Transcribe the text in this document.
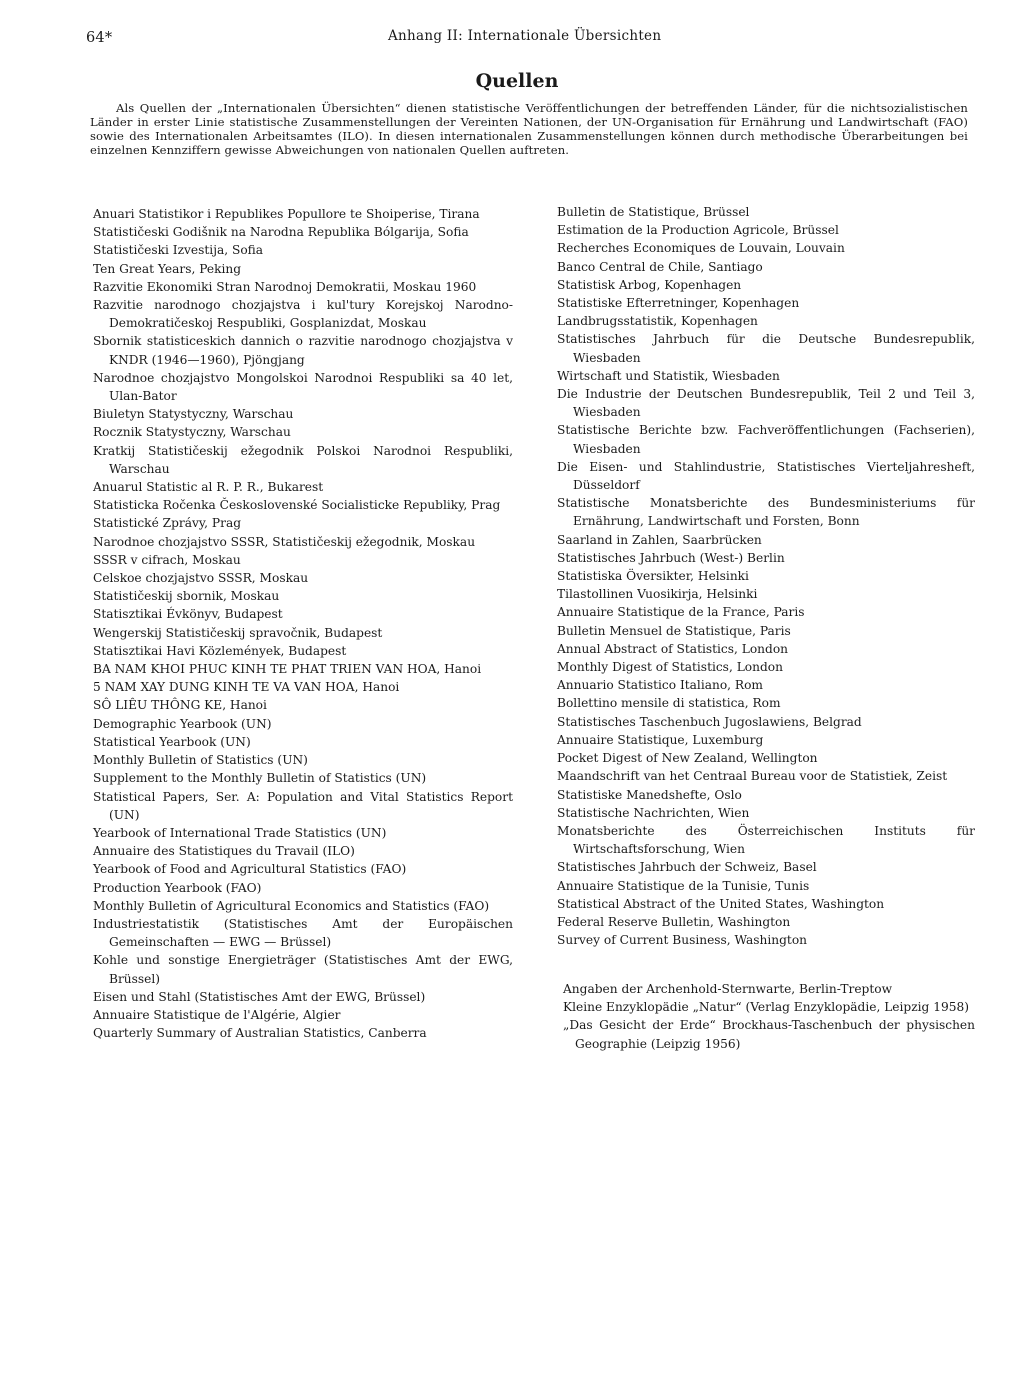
64*	Anhang II: Internationale Übersichten
Quellen

Als Quellen der „Internationalen Übersichten“ dienen statistische Veröffentlichungen der betreffenden Länder, für die nichtsozialistischen Länder in erster Linie statistische Zusammenstellungen der Vereinten Nationen, der UN-Organisation für Ernährung und Landwirtschaft (FAO) sowie des Internationalen Arbeitsamtes (ILO). In diesen internationalen Zusammenstellungen können durch methodische Überarbeitungen bei einzelnen Kennziffern gewisse Abweichungen von nationalen Quellen auftreten.

Anuari Statistikor i Republikes Popullore te Shoiperise, Tirana
Statističeski Godišnik na Narodna Republika Bólgarija, Sofia
Statističeski Izvestija, Sofia
Ten Great Years, Peking
Razvitie Ekonomiki Stran Narodnoj Demokratii, Moskau 1960
Razvitie narodnogo chozjajstva i kul'tury Korejskoj Narodno-Demokratičeskoj Respubliki, Gosplanizdat, Moskau
Sbornik statisticeskich dannich o razvitie narodnogo chozjajstva v KNDR (1946—1960), Pjöngjang
Narodnoe chozjajstvo Mongolskoi Narodnoi Respubliki sa 40 let, Ulan-Bator
Biuletyn Statystyczny, Warschau
Rocznik Statystyczny, Warschau
Kratkij Statističeskij ežegodnik Polskoi Narodnoi Respubliki, Warschau
Anuarul Statistic al R. P. R., Bukarest
Statisticka Ročenka Československé Socialisticke Republiky, Prag
Statistické Zprávy, Prag
Narodnoe chozjajstvo SSSR, Statističeskij ežegodnik, Moskau
SSSR v cifrach, Moskau
Celskoe chozjajstvo SSSR, Moskau
Statističeskij sbornik, Moskau
Statisztikai Évkönyv, Budapest
Wengerskij Statističeskij spravočnik, Budapest
Statisztikai Havi Közlemények, Budapest
BA NAM KHOI PHUC KINH TE PHAT TRIEN VAN HOA, Hanoi
5 NAM XAY DUNG KINH TE VA VAN HOA, Hanoi
SÔ LIÊU THÔNG KE, Hanoi
Demographic Yearbook (UN)
Statistical Yearbook (UN)
Monthly Bulletin of Statistics (UN)
Supplement to the Monthly Bulletin of Statistics (UN)
Statistical Papers, Ser. A: Population and Vital Statistics Report (UN)
Yearbook of International Trade Statistics (UN)
Annuaire des Statistiques du Travail (ILO)
Yearbook of Food and Agricultural Statistics (FAO)
Production Yearbook (FAO)
Monthly Bulletin of Agricultural Economics and Statistics (FAO)
Industriestatistik (Statistisches Amt der Europäischen Gemeinschaften — EWG — Brüssel)
Kohle und sonstige Energieträger (Statistisches Amt der EWG, Brüssel)
Eisen und Stahl (Statistisches Amt der EWG, Brüssel)
Annuaire Statistique de l'Algérie, Algier
Quarterly Summary of Australian Statistics, Canberra
Bulletin de Statistique, Brüssel
Estimation de la Production Agricole, Brüssel
Recherches Economiques de Louvain, Louvain
Banco Central de Chile, Santiago
Statistisk Arbog, Kopenhagen
Statistiske Efterretninger, Kopenhagen
Landbrugsstatistik, Kopenhagen
Statistisches Jahrbuch für die Deutsche Bundesrepublik, Wiesbaden
Wirtschaft und Statistik, Wiesbaden
Die Industrie der Deutschen Bundesrepublik, Teil 2 und Teil 3, Wiesbaden
Statistische Berichte bzw. Fachveröffentlichungen (Fachserien), Wiesbaden
Die Eisen- und Stahlindustrie, Statistisches Vierteljahresheft, Düsseldorf
Statistische Monatsberichte des Bundesministeriums für Ernährung, Landwirtschaft und Forsten, Bonn
Saarland in Zahlen, Saarbrücken
Statistisches Jahrbuch (West-) Berlin
Statistiska Översikter, Helsinki
Tilastollinen Vuosikirja, Helsinki
Annuaire Statistique de la France, Paris
Bulletin Mensuel de Statistique, Paris
Annual Abstract of Statistics, London
Monthly Digest of Statistics, London
Annuario Statistico Italiano, Rom
Bollettino mensile di statistica, Rom
Statistisches Taschenbuch Jugoslawiens, Belgrad
Annuaire Statistique, Luxemburg
Pocket Digest of New Zealand, Wellington
Maandschrift van het Centraal Bureau voor de Statistiek, Zeist
Statistiske Manedshefte, Oslo
Statistische Nachrichten, Wien
Monatsberichte des Österreichischen Instituts für Wirtschaftsforschung, Wien
Statistisches Jahrbuch der Schweiz, Basel
Annuaire Statistique de la Tunisie, Tunis
Statistical Abstract of the United States, Washington
Federal Reserve Bulletin, Washington
Survey of Current Business, Washington
Angaben der Archenhold-Sternwarte, Berlin-Treptow
Kleine Enzyklopädie „Natur“ (Verlag Enzyklopädie, Leipzig 1958)
„Das Gesicht der Erde“ Brockhaus-Taschenbuch der physischen Geographie (Leipzig 1956)
